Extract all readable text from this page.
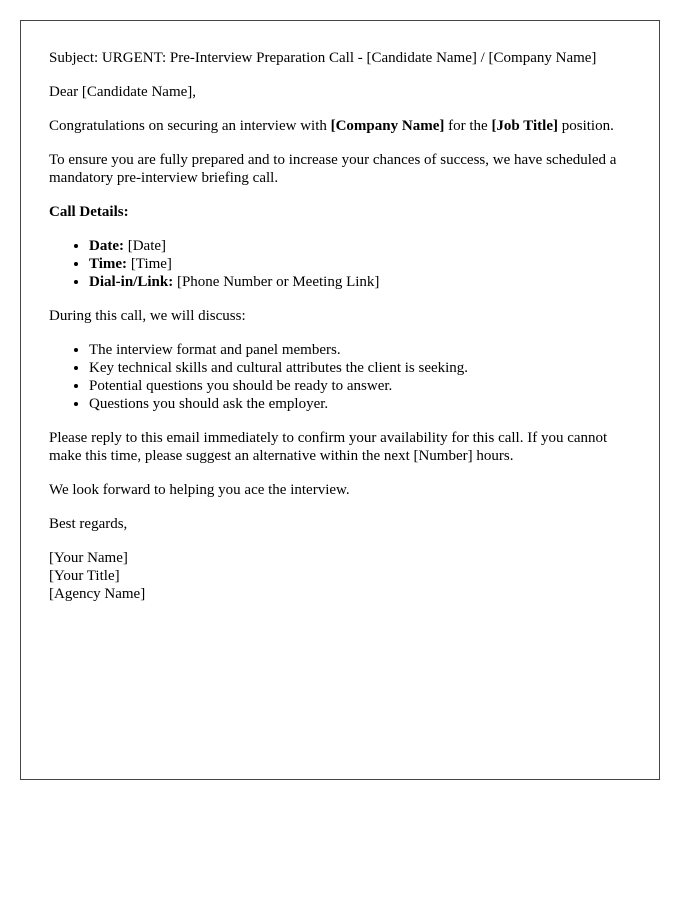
Subject: URGENT: Pre-Interview Preparation Call - [Candidate Name] / [Company Name]

Dear [Candidate Name],

Congratulations on securing an interview with [Company Name] for the [Job Title] position.

To ensure you are fully prepared and to increase your chances of success, we have scheduled a mandatory pre-interview briefing call.

Call Details:

• Date: [Date]
• Time: [Time]
• Dial-in/Link: [Phone Number or Meeting Link]

During this call, we will discuss:

• The interview format and panel members.
• Key technical skills and cultural attributes the client is seeking.
• Potential questions you should be ready to answer.
• Questions you should ask the employer.

Please reply to this email immediately to confirm your availability for this call. If you cannot make this time, please suggest an alternative within the next [Number] hours.

We look forward to helping you ace the interview.

Best regards,

[Your Name]
[Your Title]
[Agency Name]
